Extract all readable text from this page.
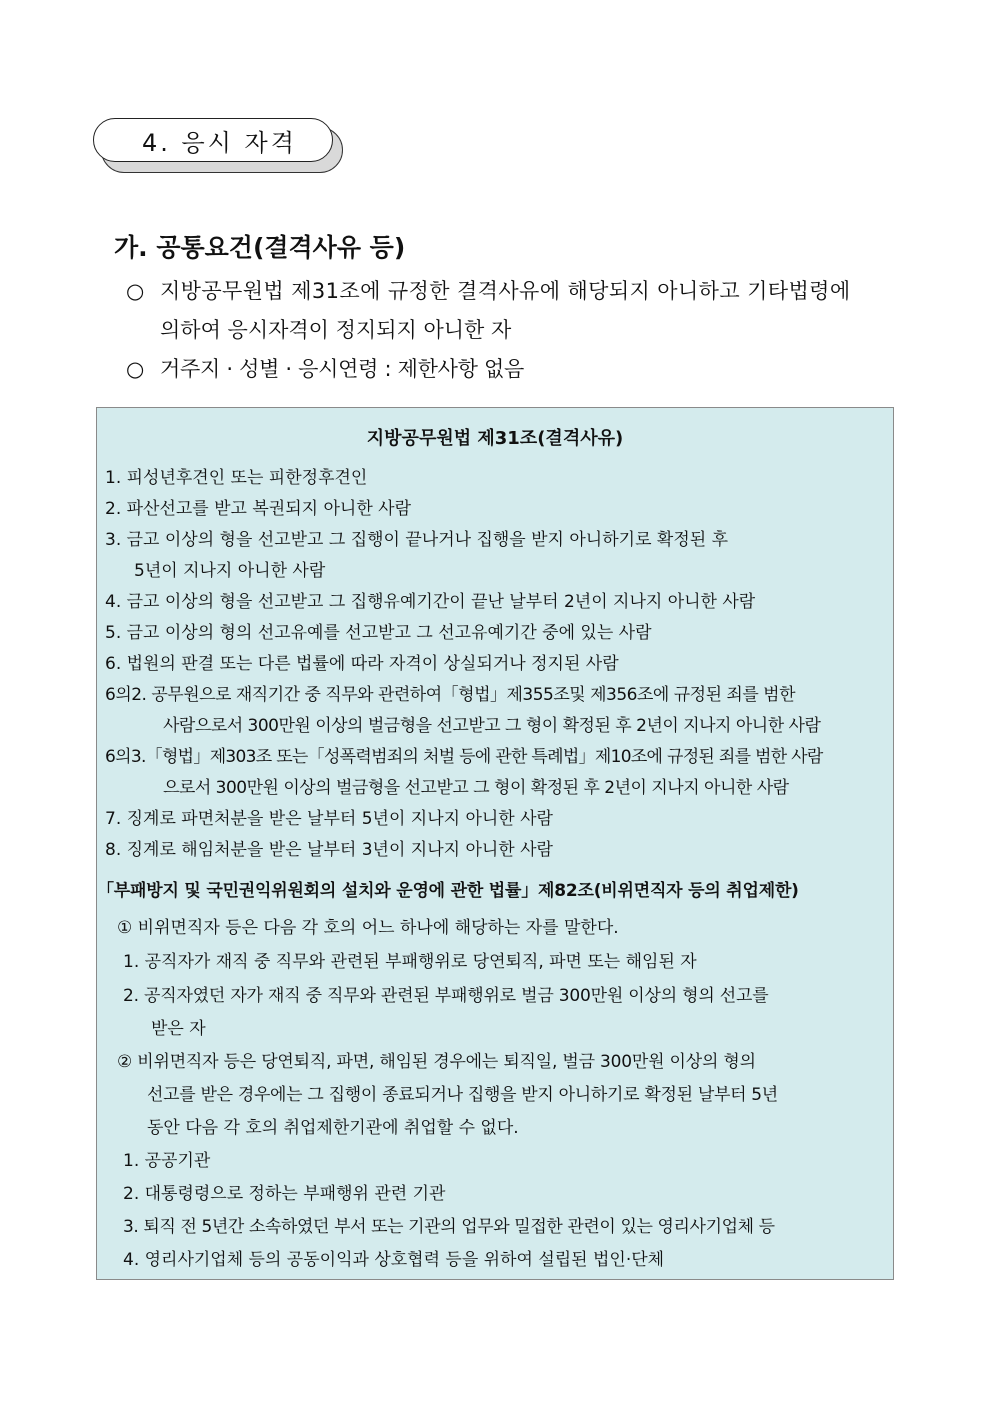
4. 응시 자격
가. 공통요건(결격사유 등)
○ 지방공무원법 제31조에 규정한 결격사유에 해당되지 아니하고 기타법령에
의하여 응시자격이 정지되지 아니한 자
○ 거주지 · 성별 · 응시연령 : 제한사항 없음
지방공무원법 제31조(결격사유)
1. 피성년후견인 또는 피한정후견인
2. 파산선고를 받고 복권되지 아니한 사람
3. 금고 이상의 형을 선고받고 그 집행이 끝나거나 집행을 받지 아니하기로 확정된 후
5년이 지나지 아니한 사람
4. 금고 이상의 형을 선고받고 그 집행유예기간이 끝난 날부터 2년이 지나지 아니한 사람
5. 금고 이상의 형의 선고유예를 선고받고 그 선고유예기간 중에 있는 사람
6. 법원의 판결 또는 다른 법률에 따라 자격이 상실되거나 정지된 사람
6의2. 공무원으로 재직기간 중 직무와 관련하여「형법」제355조및 제356조에 규정된 죄를 범한
사람으로서 300만원 이상의 벌금형을 선고받고 그 형이 확정된 후 2년이 지나지 아니한 사람
6의3.「형법」제303조 또는「성폭력범죄의 처벌 등에 관한 특례법」제10조에 규정된 죄를 범한 사람
으로서 300만원 이상의 벌금형을 선고받고 그 형이 확정된 후 2년이 지나지 아니한 사람
7. 징계로 파면처분을 받은 날부터 5년이 지나지 아니한 사람
8. 징계로 해임처분을 받은 날부터 3년이 지나지 아니한 사람
「부패방지 및 국민권익위원회의 설치와 운영에 관한 법률」제82조(비위면직자 등의 취업제한)
① 비위면직자 등은 다음 각 호의 어느 하나에 해당하는 자를 말한다.
1. 공직자가 재직 중 직무와 관련된 부패행위로 당연퇴직, 파면 또는 해임된 자
2. 공직자였던 자가 재직 중 직무와 관련된 부패행위로 벌금 300만원 이상의 형의 선고를
받은 자
② 비위면직자 등은 당연퇴직, 파면, 해임된 경우에는 퇴직일, 벌금 300만원 이상의 형의
선고를 받은 경우에는 그 집행이 종료되거나 집행을 받지 아니하기로 확정된 날부터 5년
동안 다음 각 호의 취업제한기관에 취업할 수 없다.
1. 공공기관
2. 대통령령으로 정하는 부패행위 관련 기관
3. 퇴직 전 5년간 소속하였던 부서 또는 기관의 업무와 밀접한 관련이 있는 영리사기업체 등
4. 영리사기업체 등의 공동이익과 상호협력 등을 위하여 설립된 법인·단체
